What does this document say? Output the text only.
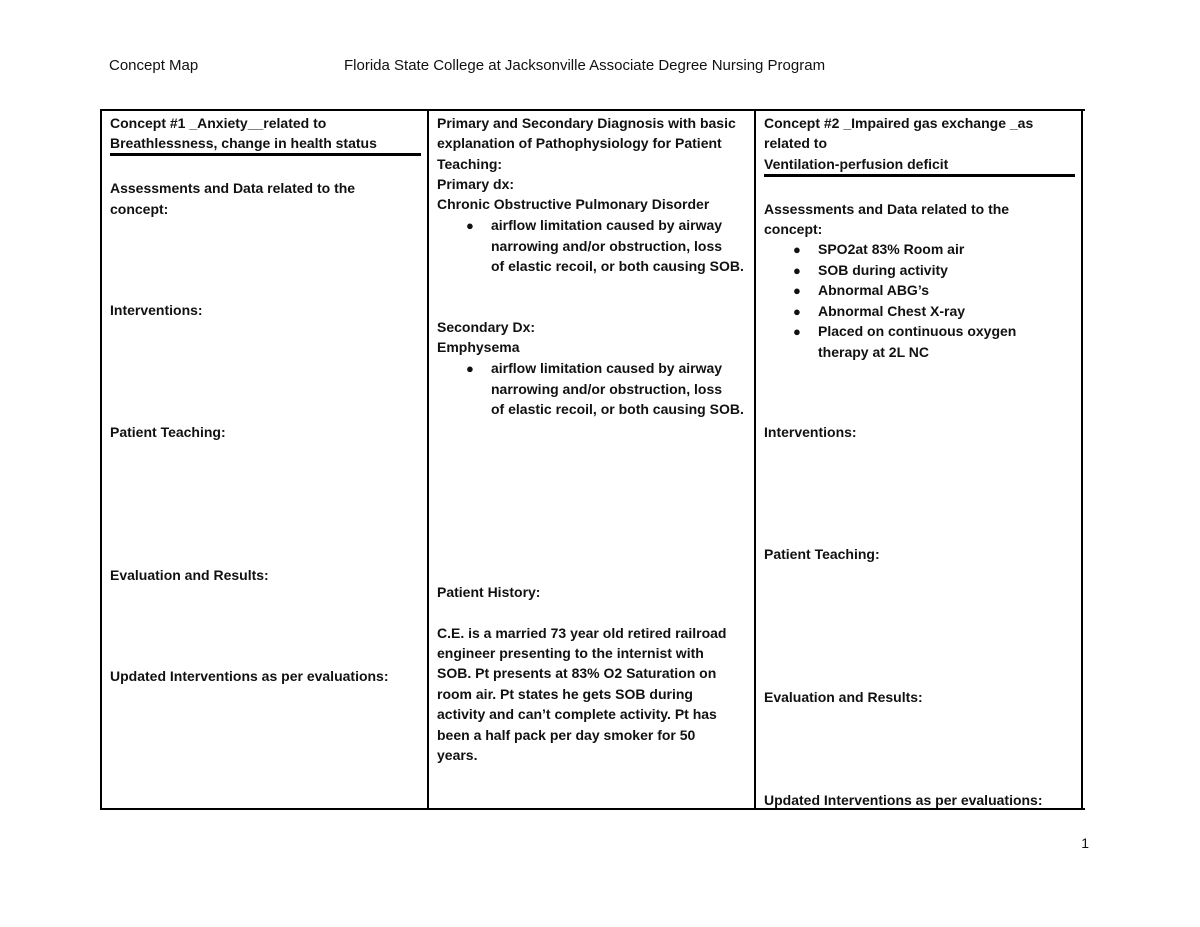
Concept Map	Florida State College at Jacksonville Associate Degree Nursing Program
Concept #1 _Anxiety__related to
Breathlessness, change in health status
Assessments and Data related to the
concept:
Interventions:
Patient Teaching:
Evaluation and Results:
Updated Interventions as per evaluations:
Primary and Secondary Diagnosis with basic
explanation of Pathophysiology for Patient
Teaching:
Primary dx:
Chronic Obstructive Pulmonary Disorder
● airflow limitation caused by airway
narrowing and/or obstruction, loss
of elastic recoil, or both causing SOB.
Secondary Dx:
Emphysema
● airflow limitation caused by airway
narrowing and/or obstruction, loss
of elastic recoil, or both causing SOB.
Patient History:
C.E. is a married 73 year old retired railroad
engineer presenting to the internist with
SOB. Pt presents at 83% O2 Saturation on
room air. Pt states he gets SOB during
activity and can’t complete activity. Pt has
been a half pack per day smoker for 50
years.
Concept #2 _Impaired gas exchange _as
related to
Ventilation-perfusion deficit
Assessments and Data related to the
concept:
● SPO2at 83% Room air
● SOB during activity
● Abnormal ABG’s
● Abnormal Chest X-ray
● Placed on continuous oxygen
therapy at 2L NC
Interventions:
Patient Teaching:
Evaluation and Results:
Updated Interventions as per evaluations:
1
